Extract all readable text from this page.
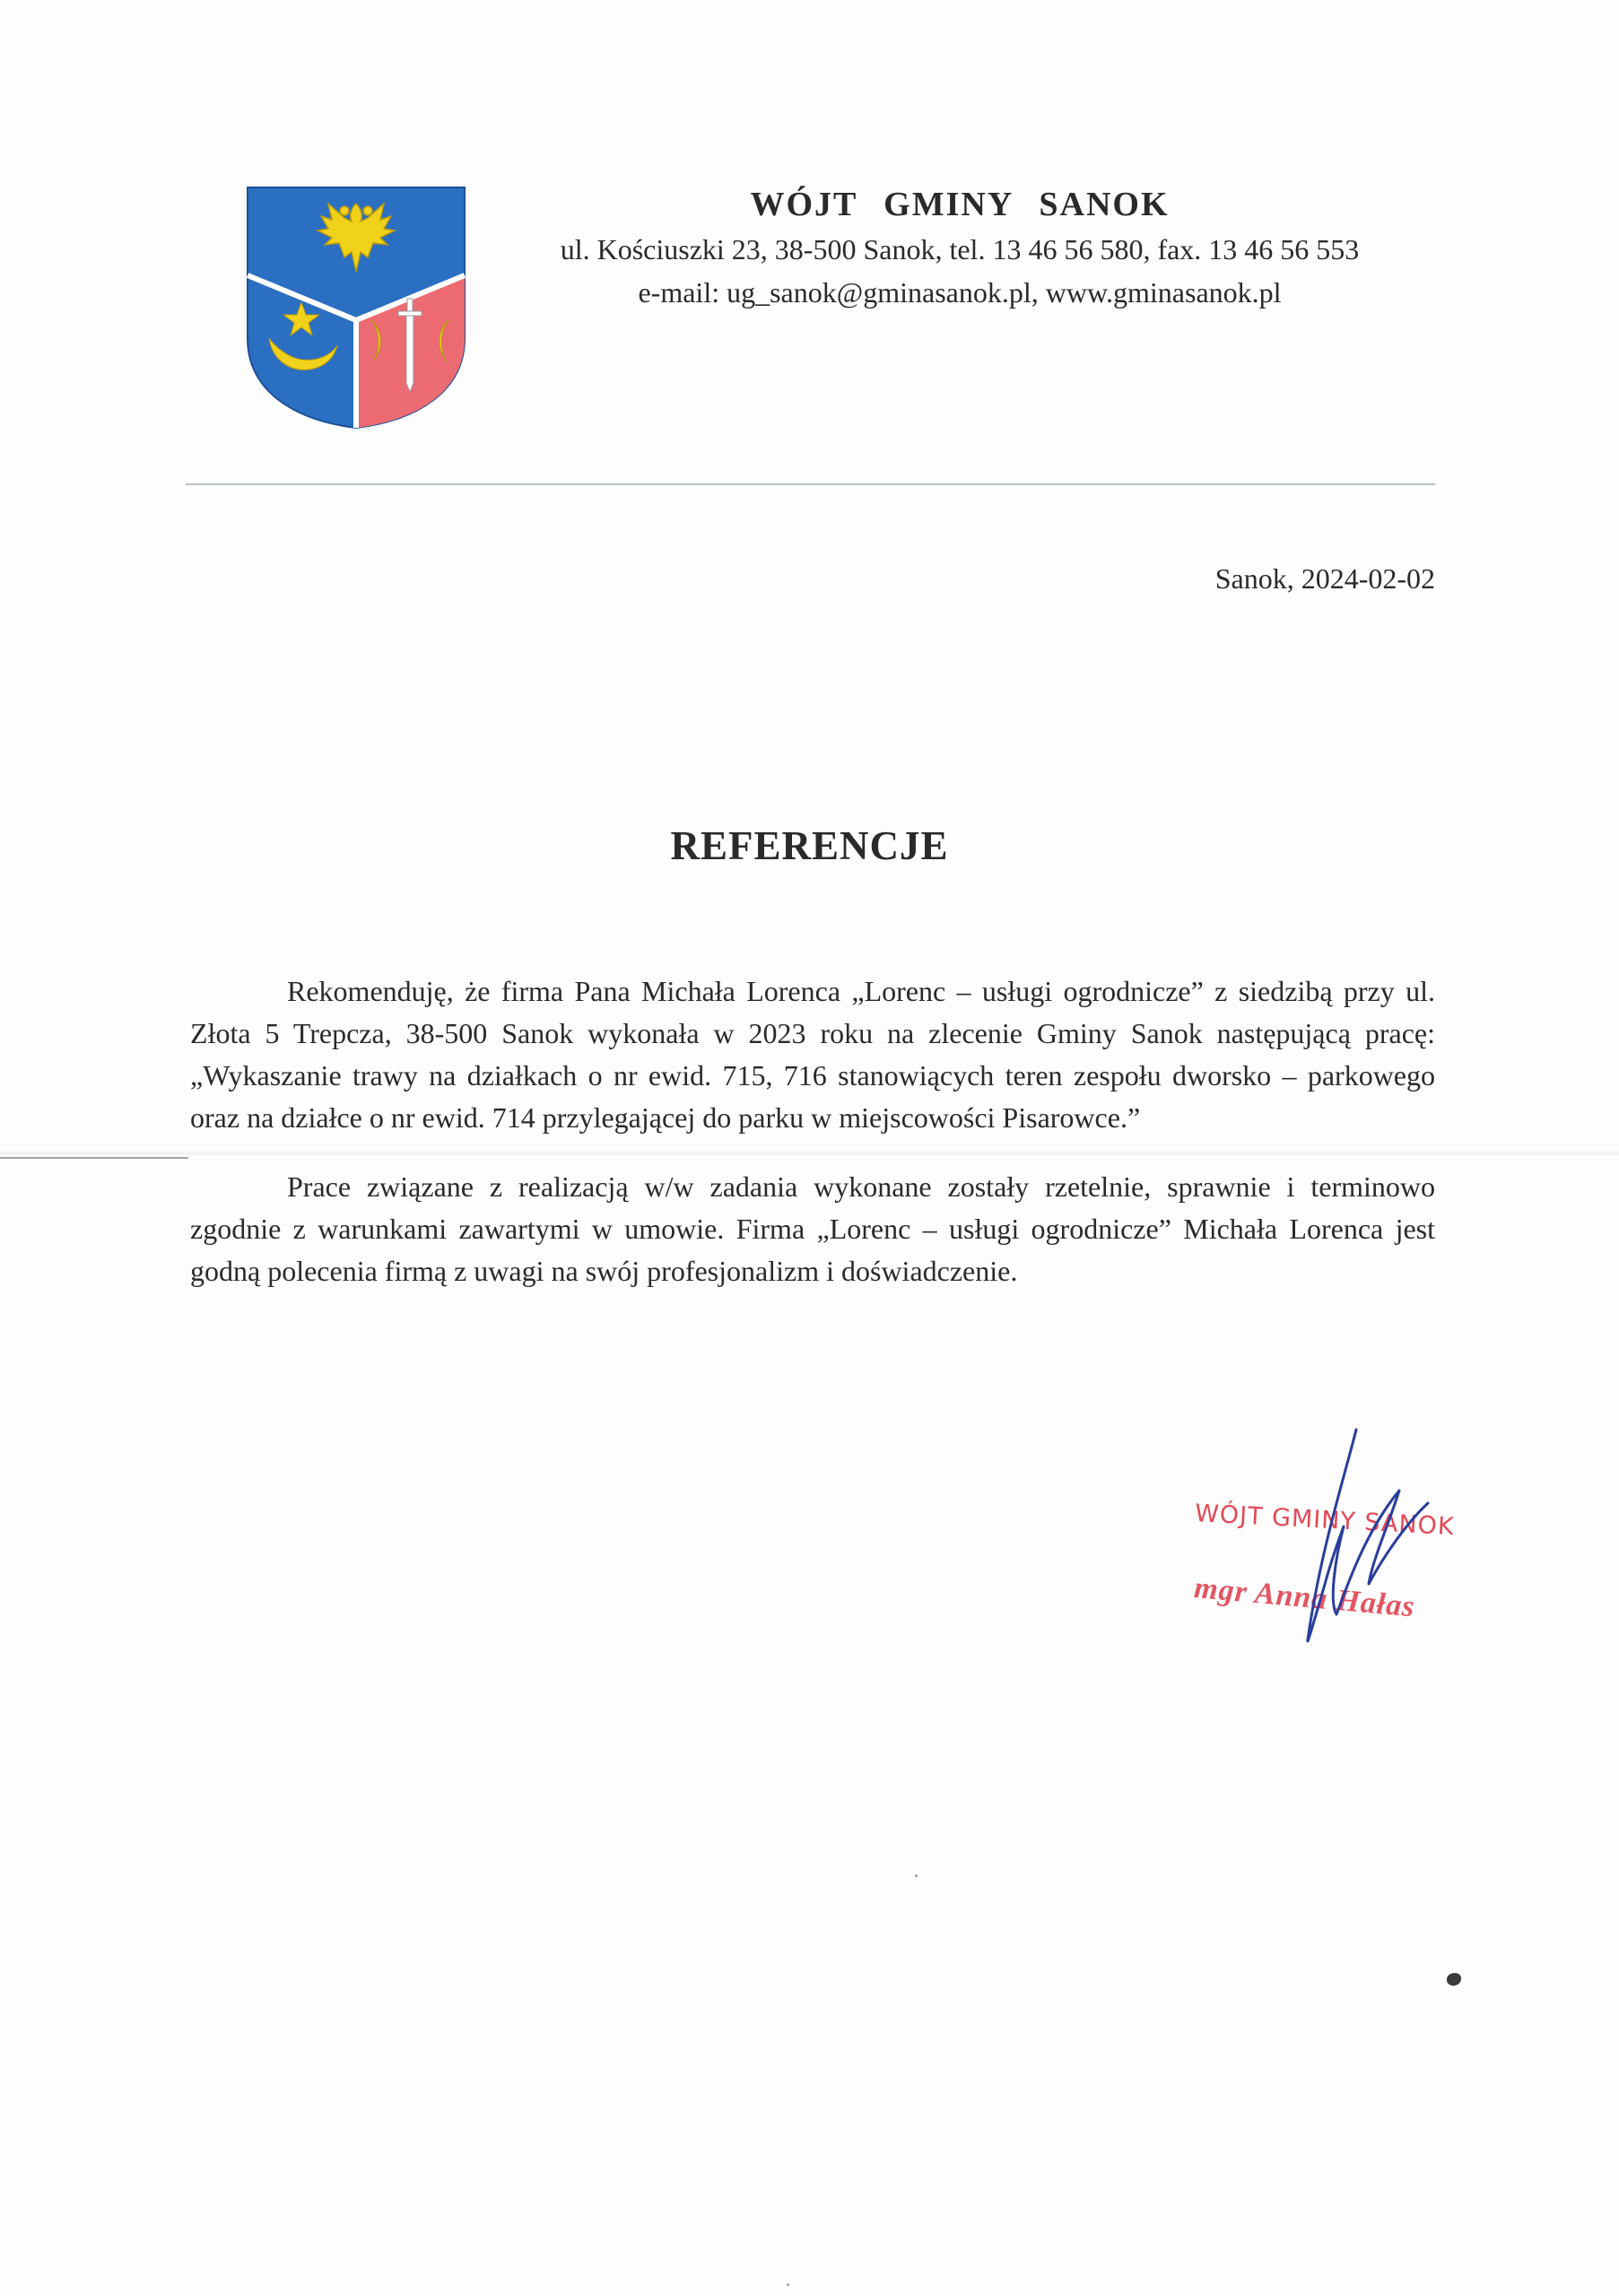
WÓJT GMINY SANOK

ul. Kościuszki 23, 38-500 Sanok, tel. 13 46 56 580, fax. 13 46 56 553

e-mail: ug_sanok@gminasanok.pl, www.gminasanok.pl

Sanok, 2024-02-02
REFERENCJE

Rekomenduję, że firma Pana Michała Lorenca „Lorenc – usługi ogrodnicze” z siedzibą przy ul. Złota 5 Trepcza, 38-500 Sanok wykonała w 2023 roku na zlecenie Gminy Sanok następującą pracę: „Wykaszanie trawy na działkach o nr ewid. 715, 716 stanowiących teren zespołu dworsko – parkowego oraz na działce o nr ewid. 714 przylegającej do parku w miejscowości Pisarowce.”

Prace związane z realizacją w/w zadania wykonane zostały rzetelnie, sprawnie i terminowo zgodnie z warunkami zawartymi w umowie. Firma „Lorenc – usługi ogrodnicze” Michała Lorenca jest godną polecenia firmą z uwagi na swój profesjonalizm i doświadczenie.

WÓJT GMINY SANOK
mgr Anna Hałas
